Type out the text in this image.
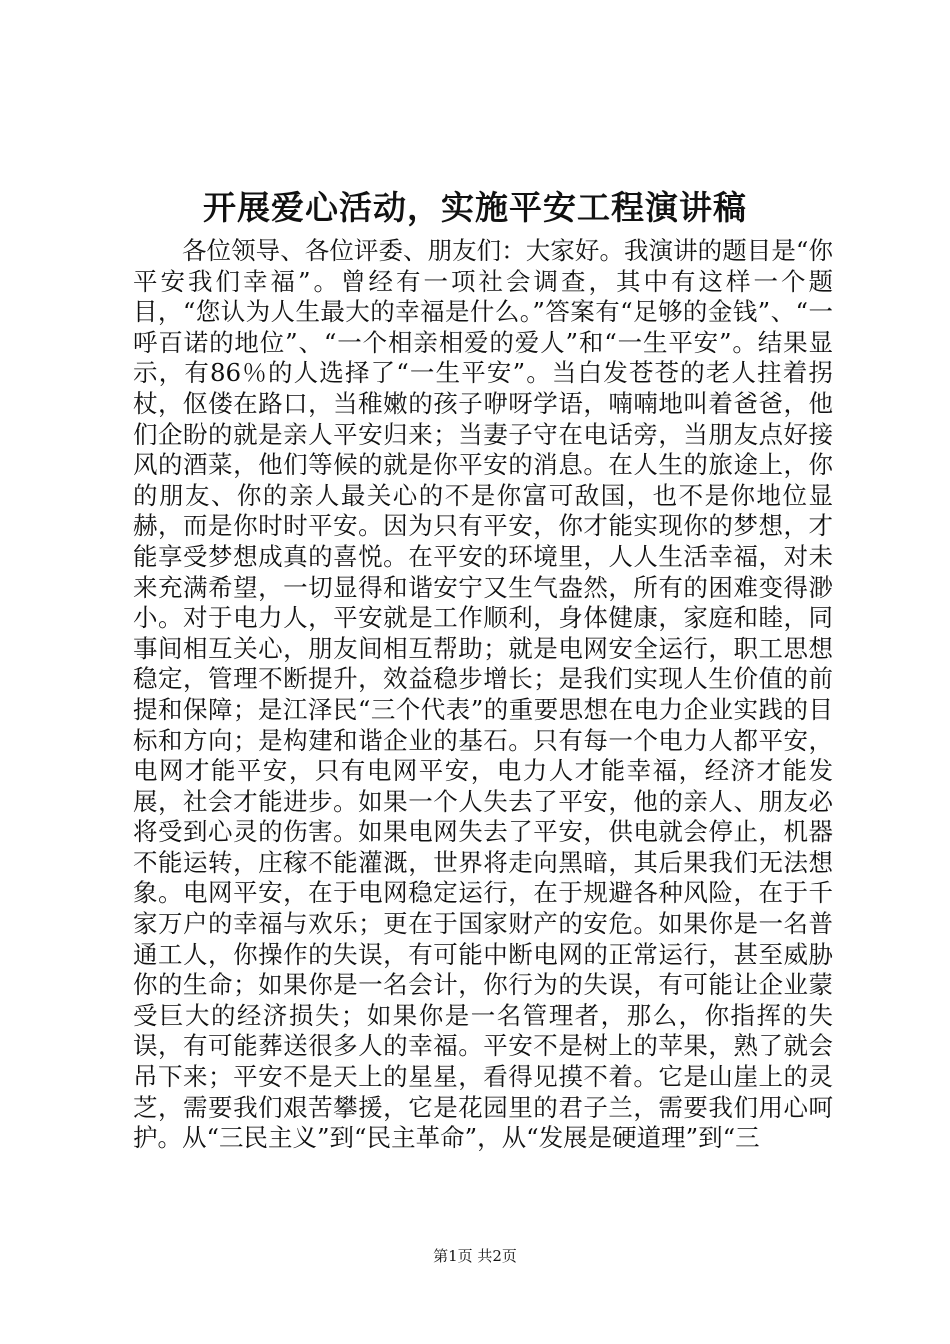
开展爱心活动，实施平安工程演讲稿

各位领导、各位评委、朋友们：大家好。我演讲的题目是“你平安我们幸福”。曾经有一项社会调查，其中有这样一个题目，“您认为人生最大的幸福是什么。”答案有“足够的金钱”、“一呼百诺的地位”、“一个相亲相爱的爱人”和“一生平安”。结果显示，有86％的人选择了“一生平安”。当白发苍苍的老人拄着拐杖，伛偻在路口，当稚嫩的孩子咿呀学语，喃喃地叫着爸爸，他们企盼的就是亲人平安归来；当妻子守在电话旁，当朋友点好接风的酒菜，他们等候的就是你平安的消息。在人生的旅途上，你的朋友、你的亲人最关心的不是你富可敌国，也不是你地位显赫，而是你时时平安。因为只有平安，你才能实现你的梦想，才能享受梦想成真的喜悦。在平安的环境里，人人生活幸福，对未来充满希望，一切显得和谐安宁又生气盎然，所有的困难变得渺小。对于电力人，平安就是工作顺利，身体健康，家庭和睦，同事间相互关心，朋友间相互帮助；就是电网安全运行，职工思想稳定，管理不断提升，效益稳步增长；是我们实现人生价值的前提和保障；是江泽民“三个代表”的重要思想在电力企业实践的目标和方向；是构建和谐企业的基石。只有每一个电力人都平安，电网才能平安，只有电网平安，电力人才能幸福，经济才能发展，社会才能进步。如果一个人失去了平安，他的亲人、朋友必将受到心灵的伤害。如果电网失去了平安，供电就会停止，机器不能运转，庄稼不能灌溉，世界将走向黑暗，其后果我们无法想象。电网平安，在于电网稳定运行，在于规避各种风险，在于千家万户的幸福与欢乐；更在于国家财产的安危。如果你是一名普通工人，你操作的失误，有可能中断电网的正常运行，甚至威胁你的生命；如果你是一名会计，你行为的失误，有可能让企业蒙受巨大的经济损失；如果你是一名管理者，那么，你指挥的失误，有可能葬送很多人的幸福。平安不是树上的苹果，熟了就会吊下来；平安不是天上的星星，看得见摸不着。它是山崖上的灵芝，需要我们艰苦攀援，它是花园里的君子兰，需要我们用心呵护。从“三民主义”到“民主革命”，从“发展是硬道理”到“三

第1页 共2页
